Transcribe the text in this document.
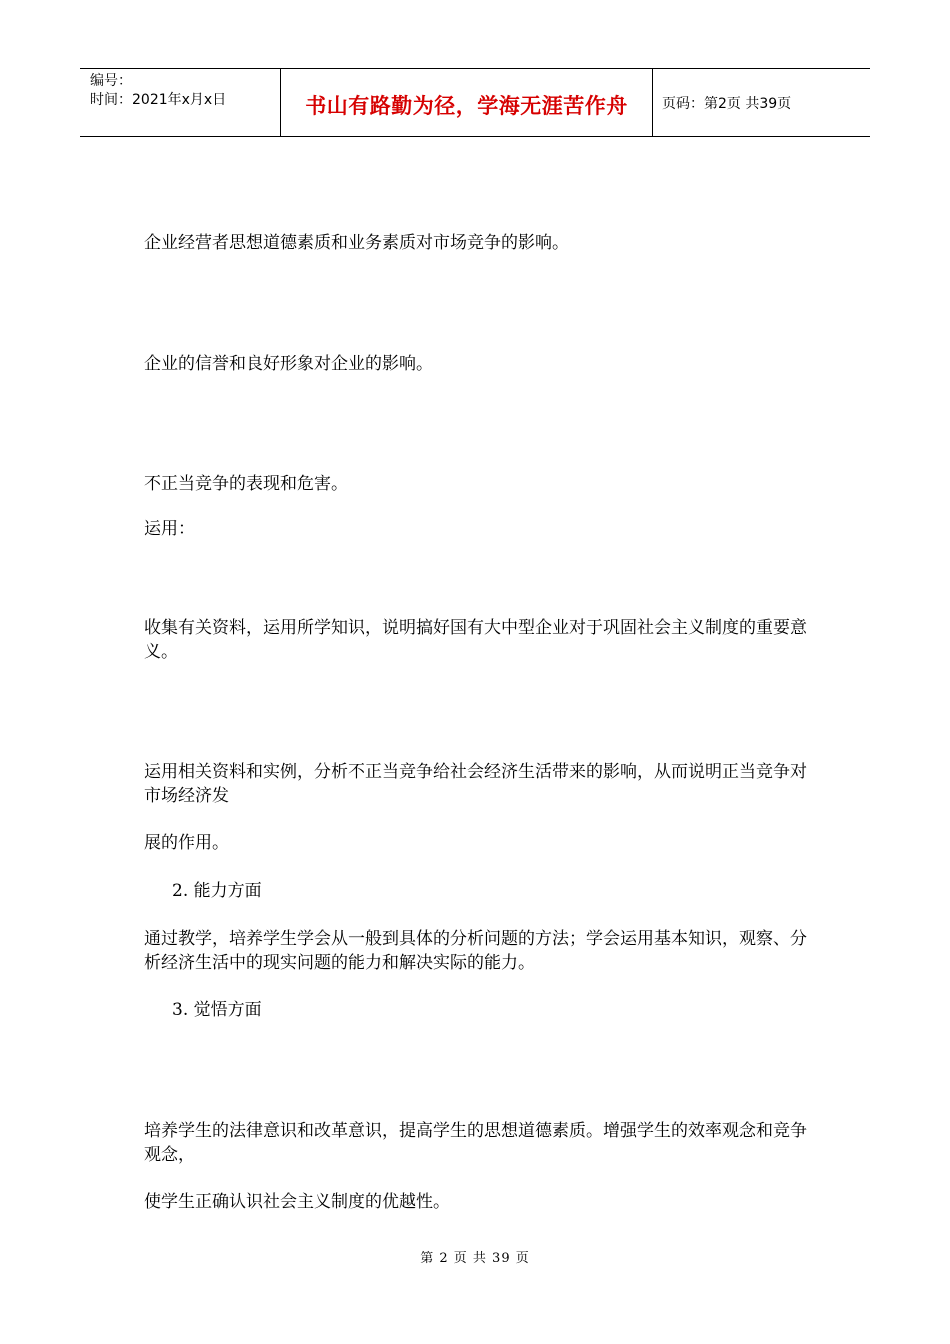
编号：
时间：2021年x月x日	书山有路勤为径，学海无涯苦作舟 页码：第2页 共39页

企业经营者思想道德素质和业务素质对市场竞争的影响。

企业的信誉和良好形象对企业的影响。

不正当竞争的表现和危害。

运用：

收集有关资料，运用所学知识，说明搞好国有大中型企业对于巩固社会主义制度的重要意义。

运用相关资料和实例，分析不正当竞争给社会经济生活带来的影响，从而说明正当竞争对市场经济发

展的作用。

2. 能力方面

通过教学，培养学生学会从一般到具体的分析问题的方法；学会运用基本知识，观察、分析经济生活中的现实问题的能力和解决实际的能力。

3. 觉悟方面

培养学生的法律意识和改革意识，提高学生的思想道德素质。增强学生的效率观念和竞争观念，

使学生正确认识社会主义制度的优越性。

第 2 页 共 39 页
